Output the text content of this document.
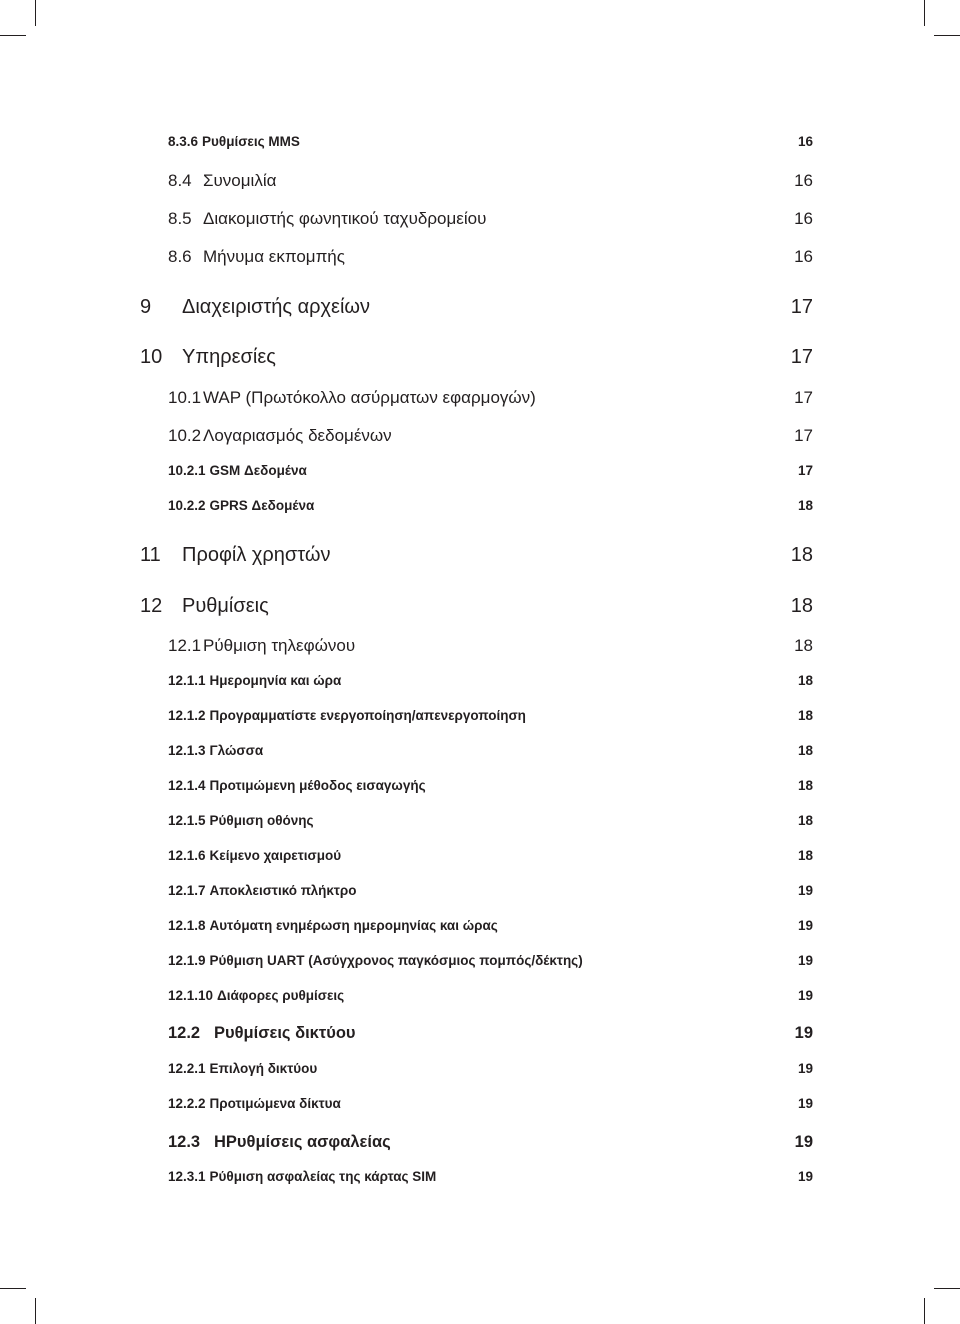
8.3.6 Ρυθμίσεις MMS	16
8.4 Συνομιλία	16
8.5 Διακομιστής φωνητικού ταχυδρομείου	16
8.6 Μήνυμα εκπομπής	16
9	Διαχειριστής αρχείων	17
10 Υπηρεσίες	17
10.1 WAP (Πρωτόκολλο ασύρματων εφαρμογών)	17
10.2 Λογαριασμός δεδομένων	17
10.2.1 GSM Δεδομένα	17
10.2.2 GPRS Δεδομένα	18
11	Προφίλ χρηστών	18
12 Ρυθμίσεις	18
12.1 Ρύθμιση τηλεφώνου	18
12.1.1 Ημερομηνία και ώρα	18
12.1.2 Προγραμματίστε ενεργοποίηση/απενεργοποίηση	18
12.1.3 Γλώσσα	18
12.1.4 Προτιμώμενη μέθοδος εισαγωγής	18
12.1.5 Ρύθμιση οθόνης	18
12.1.6 Κείμενο χαιρετισμού	18
12.1.7 Αποκλειστικό πλήκτρο	19
12.1.8 Αυτόματη ενημέρωση ημερομηνίας και ώρας	19
12.1.9 Ρύθμιση UART (Ασύγχρονος παγκόσμιος πομπός/δέκτης)	19
12.1.10 Διάφορες ρυθμίσεις	19
12.2 Ρυθμίσεις δικτύου	19
12.2.1 Επιλογή δικτύου	19
12.2.2 Προτιμώμενα δίκτυα	19
12.3 ΗΡυθμίσεις ασφαλείας	19
12.3.1 Ρύθμιση ασφαλείας της κάρτας SIM	19
